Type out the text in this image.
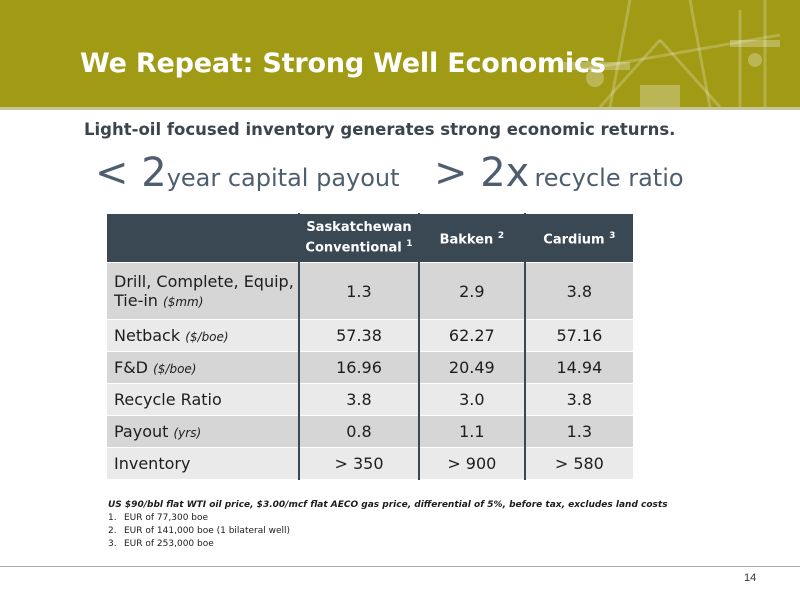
We Repeat: Strong Well Economics
Light-oil focused inventory generates strong economic returns.
< 2year capital payout > 2x recycle ratio
	Saskatchewan Conventional $^1$	Bakken $^2$	Cardium $^3$
Drill, Complete, Equip, Tie-in ($mm)	1.3	2.9	3.8
Netback ($/boe)	57.38	62.27	57.16
F&D ($/boe)	16.96	20.49	14.94
Recycle Ratio	3.8	3.0	3.8
Payout (yrs)	0.8	1.1	1.3
Inventory	> 350	> 900	> 580
US $90/bbl flat WTI oil price, $3.00/mcf flat AECO gas price, differential of 5%, before tax, excludes land costs
1. EUR of 77,300 boe
2. EUR of 141,000 boe (1 bilateral well)
3. EUR of 253,000 boe
14
